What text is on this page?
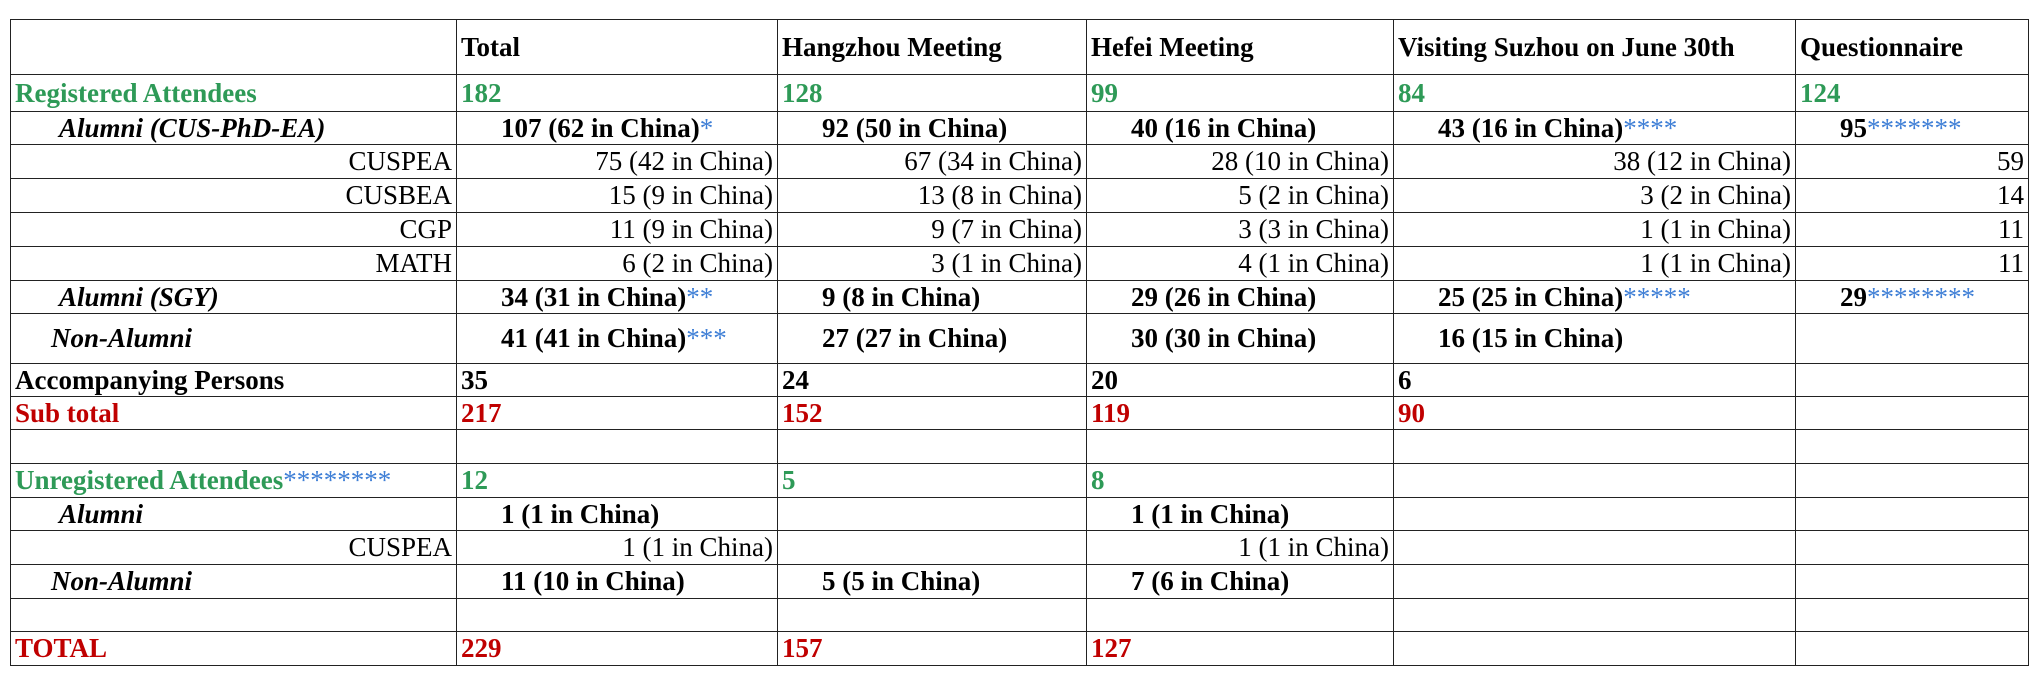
	Total	Hangzhou Meeting	Hefei Meeting	Visiting Suzhou on June 30th	Questionnaire
Registered Attendees	182	128	99	84	124
Alumni (CUS-PhD-EA)	107 (62 in China)*	92 (50 in China)	40 (16 in China)	43 (16 in China)****	95*******
CUSPEA	75 (42 in China)	67 (34 in China)	28 (10 in China)	38 (12 in China)	59
CUSBEA	15 (9 in China)	13 (8 in China)	5 (2 in China)	3 (2 in China)	14
CGP	11 (9 in China)	9 (7 in China)	3 (3 in China)	1 (1 in China)	11
MATH	6 (2 in China)	3 (1 in China)	4 (1 in China)	1 (1 in China)	11
Alumni (SGY)	34 (31 in China)**	9 (8 in China)	29 (26 in China)	25 (25 in China)*****	29********
Non-Alumni	41 (41 in China)***	27 (27 in China)	30 (30 in China)	16 (15 in China)	
Accompanying Persons	35	24	20	6	
Sub total	217	152	119	90	

Unregistered Attendees********	12	5	8		
Alumni	1 (1 in China)		1 (1 in China)		
CUSPEA	1 (1 in China)		1 (1 in China)		
Non-Alumni	11 (10 in China)	5 (5 in China)	7 (6 in China)		

TOTAL	229	157	127		
